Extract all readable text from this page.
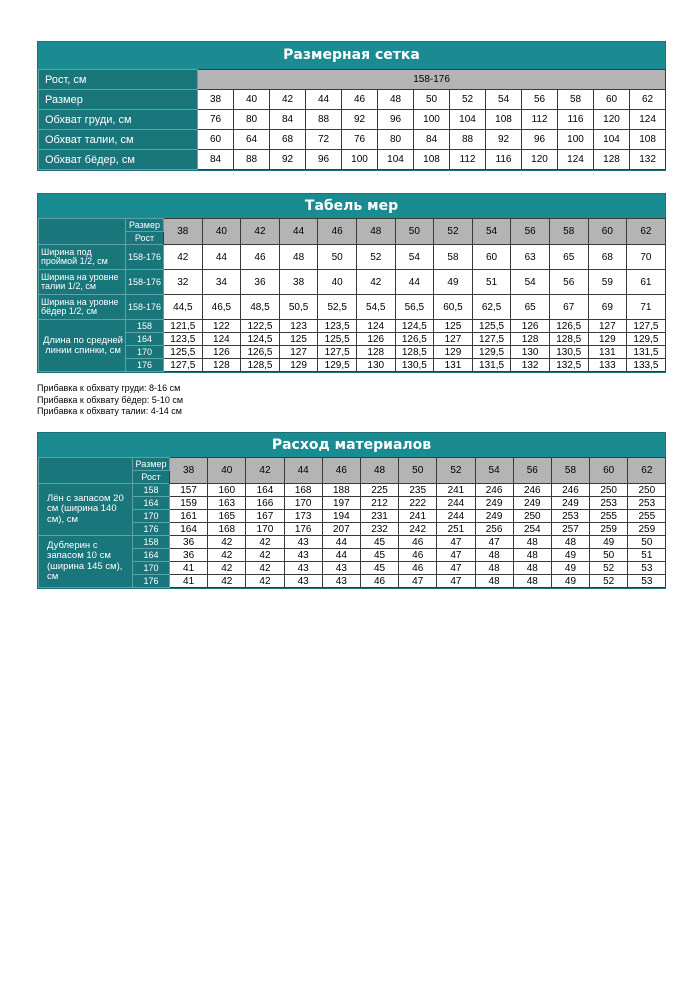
Размерная сетка
Рост, см	158-176												
Размер	38	40	42	44	46	48	50	52	54	56	58	60	62
Обхват груди, см	76	80	84	88	92	96	100	104	108	112	116	120	124
Обхват талии, см	60	64	68	72	76	80	84	88	92	96	100	104	108
Обхват бёдер, см	84	88	92	96	100	104	108	112	116	120	124	128	132
Табель мер
	Размер	38	40	42	44	46	48	50	52	54	56	58	60	62
	Рост													
Ширина под проймой 1/2, см	158-176	42	44	46	48	50	52	54	58	60	63	65	68	70
Ширина на уровне талии 1/2, см	158-176	32	34	36	38	40	42	44	49	51	54	56	59	61
Ширина на уровне бёдер 1/2, см	158-176	44,5	46,5	48,5	50,5	52,5	54,5	56,5	60,5	62,5	65	67	69	71
Длина по средней линии спинки, см	158	121,5	122	122,5	123	123,5	124	124,5	125	125,5	126	126,5	127	127,5
	164	123,5	124	124,5	125	125,5	126	126,5	127	127,5	128	128,5	129	129,5
	170	125,5	126	126,5	127	127,5	128	128,5	129	129,5	130	130,5	131	131,5
	176	127,5	128	128,5	129	129,5	130	130,5	131	131,5	132	132,5	133	133,5
Прибавка к обхвату груди: 8-16 см
Прибавка к обхвату бёдер: 5-10 см
Прибавка к обхвату талии: 4-14 см
Расход материалов
	Размер	38	40	42	44	46	48	50	52	54	56	58	60	62
	Рост													
Лён с запасом 20 см (ширина 140 см), см	158	157	160	164	168	188	225	235	241	246	246	246	250	250
	164	159	163	166	170	197	212	222	244	249	249	249	253	253
	170	161	165	167	173	194	231	241	244	249	250	253	255	255
	176	164	168	170	176	207	232	242	251	256	254	257	259	259
Дублерин с запасом 10 см (ширина 145 см), см	158	36	42	42	43	44	45	46	47	47	48	48	49	50
	164	36	42	42	43	44	45	46	47	48	48	49	50	51
	170	41	42	42	43	43	45	46	47	48	48	49	52	53
	176	41	42	42	43	43	46	47	47	48	48	49	52	53
